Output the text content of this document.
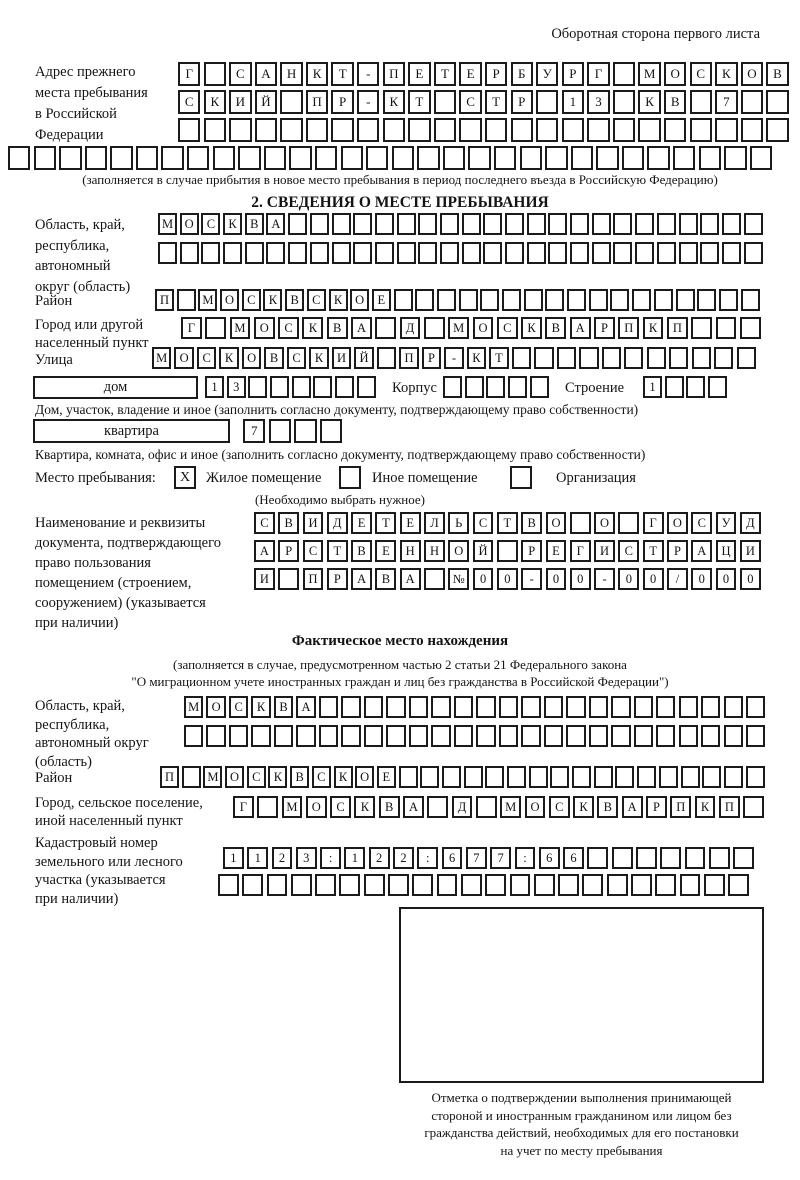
Оборотная сторона первого листа
Адрес прежнего
места пребывания
в Российской
Федерации
Г	С	А	Н	К	Т	-	П	Е	Т	Е	Р	Б	У	Р	Г	М	О	С	К	О	В
С	К	И	Й	П	Р	-	К	Т	С	Т	Р	1	3	К	В	7
(заполняется в случае прибытия в новое место пребывания в период последнего въезда в Российскую Федерацию)
2. СВЕДЕНИЯ О МЕСТЕ ПРЕБЫВАНИЯ
Область, край,
республика,
автономный
округ (область)
М О	С	К	В	А
Район	П	М О	С	К	В	С	К	О	Е
Город или другой
населенный пункт
Г	М	О	С	К	В	А	Д	М	О	С	К	В	А	Р	П	К	П
Улица	М О	С	К	О	В	С	К	И	Й	П	Р	-	К	Т
дом	1	3	Корпус	Строение	1
Дом, участок, владение и иное (заполнить согласно документу, подтверждающему право собственности)
квартира	7
Квартира, комната, офис и иное (заполнить согласно документу, подтверждающему право собственности)
Место пребывания:	X	Жилое помещение	Иное помещение	Организация
(Необходимо выбрать нужное)
Наименование и реквизиты
документа, подтверждающего
право пользования
помещением (строением,
сооружением) (указывается
при наличии)
С	В	И	Д	Е	Т	Е	Л	Ь	С	Т	В	О	О	Г	О	С	У	Д
А	Р	С	Т	В	Е	Н	Н	О	Й	Р	Е	Г	И	С	Т	Р	А	Ц	И
И	П	Р	А	В	А	№	0	0	-	0	0	-	0	0	/	0	0	0
Фактическое место нахождения
(заполняется в случае, предусмотренном частью 2 статьи 21 Федерального закона
"О миграционном учете иностранных граждан и лиц без гражданства в Российской Федерации")
Область, край,
республика,
автономный округ
(область)
М О	С	К	В	А
Район	П	М О	С	К	В	С	К	О	Е
Город, сельское поселение,
иной населенный пункт
Г	М	О	С	К	В	А	Д	М	О	С	К	В	А	Р	П	К	П
Кадастровый номер
земельного или лесного
участка (указывается
при наличии)
1	1	2	3	:	1	2	2	:	6	7	7	:	6	6
Отметка о подтверждении выполнения принимающей
стороной и иностранным гражданином или лицом без
гражданства действий, необходимых для его постановки
на учет по месту пребывания
